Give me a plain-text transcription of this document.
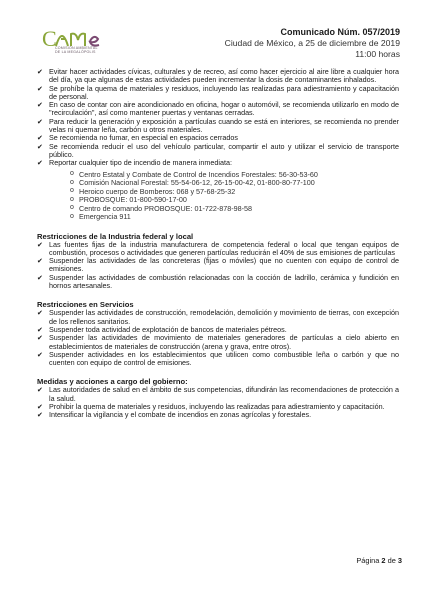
C COMISIÓN AMBIENTAL
DE LA MEGALÓPOLIS
Comunicado Núm. 057/2019
Ciudad de México, a 25 de diciembre de 2019
11:00 horas
✔ Evitar hacer actividades cívicas, culturales y de recreo, así como hacer ejercicio al aire libre a cualquier hora del día, ya que algunas de estas actividades pueden incrementar la dosis de contaminantes inhalados.
✔ Se prohíbe la quema de materiales y residuos, incluyendo las realizadas para adiestramiento y capacitación de personal.
✔ En caso de contar con aire acondicionado en oficina, hogar o automóvil, se recomienda utilizarlo en modo de "recirculación", así como mantener puertas y ventanas cerradas.
✔ Para reducir la generación y exposición a partículas cuando se está en interiores, se recomienda no prender velas ni quemar leña, carbón u otros materiales.
✔ Se recomienda no fumar, en especial en espacios cerrados
✔ Se recomienda reducir el uso del vehículo particular, compartir el auto y utilizar el servicio de transporte público.
✔ Reportar cualquier tipo de incendio de manera inmediata:
o Centro Estatal y Combate de Control de Incendios Forestales: 56-30-53-60
o Comisión Nacional Forestal: 55-54-06-12, 26-15-00-42, 01-800-80-77-100
o Heroico cuerpo de Bomberos: 068 y 57-68-25-32
o PROBOSQUE: 01-800-590-17-00
o Centro de comando PROBOSQUE: 01-722-878-98-58
o Emergencia 911
Restricciones de la Industria federal y local
✔ Las fuentes fijas de la industria manufacturera de competencia federal o local que tengan equipos de combustión, procesos o actividades que generen partículas reducirán el 40% de sus emisiones de partículas
✔ Suspender las actividades de las concreteras (fijas o móviles) que no cuenten con equipo de control de emisiones.
✔ Suspender las actividades de combustión relacionadas con la cocción de ladrillo, cerámica y fundición en hornos artesanales.
Restricciones en Servicios
✔ Suspender las actividades de construcción, remodelación, demolición y movimiento de tierras, con excepción de los rellenos sanitarios.
✔ Suspender toda actividad de explotación de bancos de materiales pétreos.
✔ Suspender las actividades de movimiento de materiales generadores de partículas a cielo abierto en establecimientos de materiales de construcción (arena y grava, entre otros).
✔ Suspender actividades en los establecimientos que utilicen como combustible leña o carbón y que no cuenten con equipo de control de emisiones.
Medidas y acciones a cargo del gobierno:
✔ Las autoridades de salud en el ámbito de sus competencias, difundirán las recomendaciones de protección a la salud.
✔ Prohibir la quema de materiales y residuos, incluyendo las realizadas para adiestramiento y capacitación.
✔ Intensificar la vigilancia y el combate de incendios en zonas agrícolas y forestales.
Página 2 de 3
